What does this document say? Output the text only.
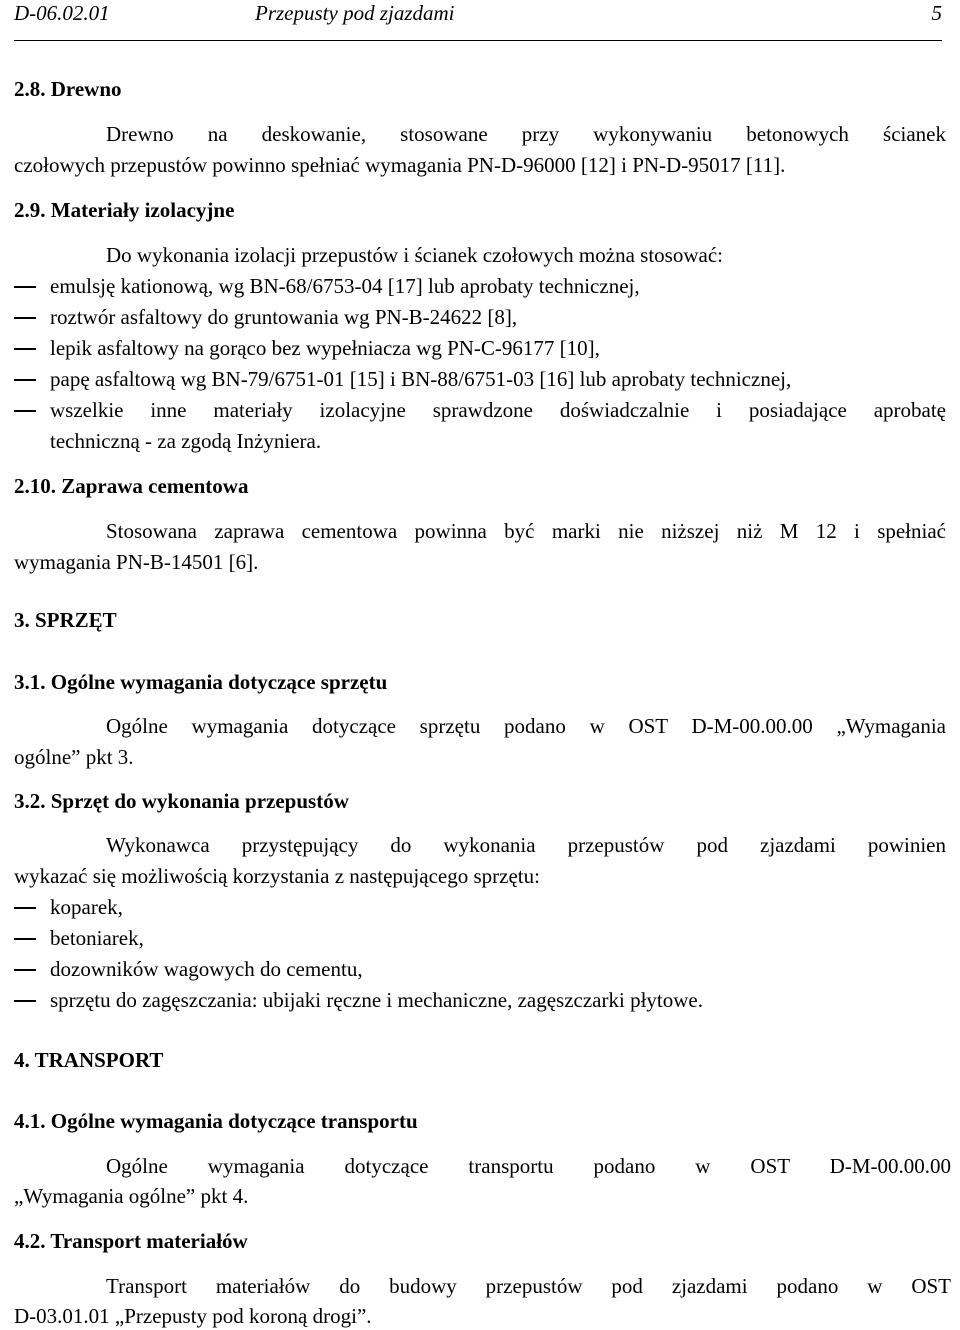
D-06.02.01	Przepusty pod zjazdami	5
2.8. Drewno
Drewno na deskowanie, stosowane przy wykonywaniu betonowych ścianek
czołowych przepustów powinno spełniać wymagania PN-D-96000 [12] i PN-D-95017 [11].
2.9. Materiały izolacyjne
Do wykonania izolacji przepustów i ścianek czołowych można stosować:
emulsję kationową, wg BN-68/6753-04 [17] lub aprobaty technicznej,
roztwór asfaltowy do gruntowania wg PN-B-24622 [8],
lepik asfaltowy na gorąco bez wypełniacza wg PN-C-96177 [10],
papę asfaltową wg BN-79/6751-01 [15] i BN-88/6751-03 [16] lub aprobaty technicznej,
wszelkie inne materiały izolacyjne sprawdzone doświadczalnie i posiadające aprobatę
techniczną - za zgodą Inżyniera.
2.10. Zaprawa cementowa
Stosowana zaprawa cementowa powinna być marki nie niższej niż M 12 i spełniać
wymagania PN-B-14501 [6].
3. SPRZĘT
3.1. Ogólne wymagania dotyczące sprzętu
Ogólne wymagania dotyczące sprzętu podano w OST D-M-00.00.00 „Wymagania
ogólne” pkt 3.
3.2. Sprzęt do wykonania przepustów
Wykonawca przystępujący do wykonania przepustów pod zjazdami powinien
wykazać się możliwością korzystania z następującego sprzętu:
koparek,
betoniarek,
dozowników wagowych do cementu,
sprzętu do zagęszczania: ubijaki ręczne i mechaniczne, zagęszczarki płytowe.
4. TRANSPORT
4.1. Ogólne wymagania dotyczące transportu
Ogólne wymagania dotyczące transportu podano w OST D-M-00.00.00
„Wymagania ogólne” pkt 4.
4.2. Transport materiałów
Transport materiałów do budowy przepustów pod zjazdami podano w OST
D-03.01.01 „Przepusty pod koroną drogi”.
